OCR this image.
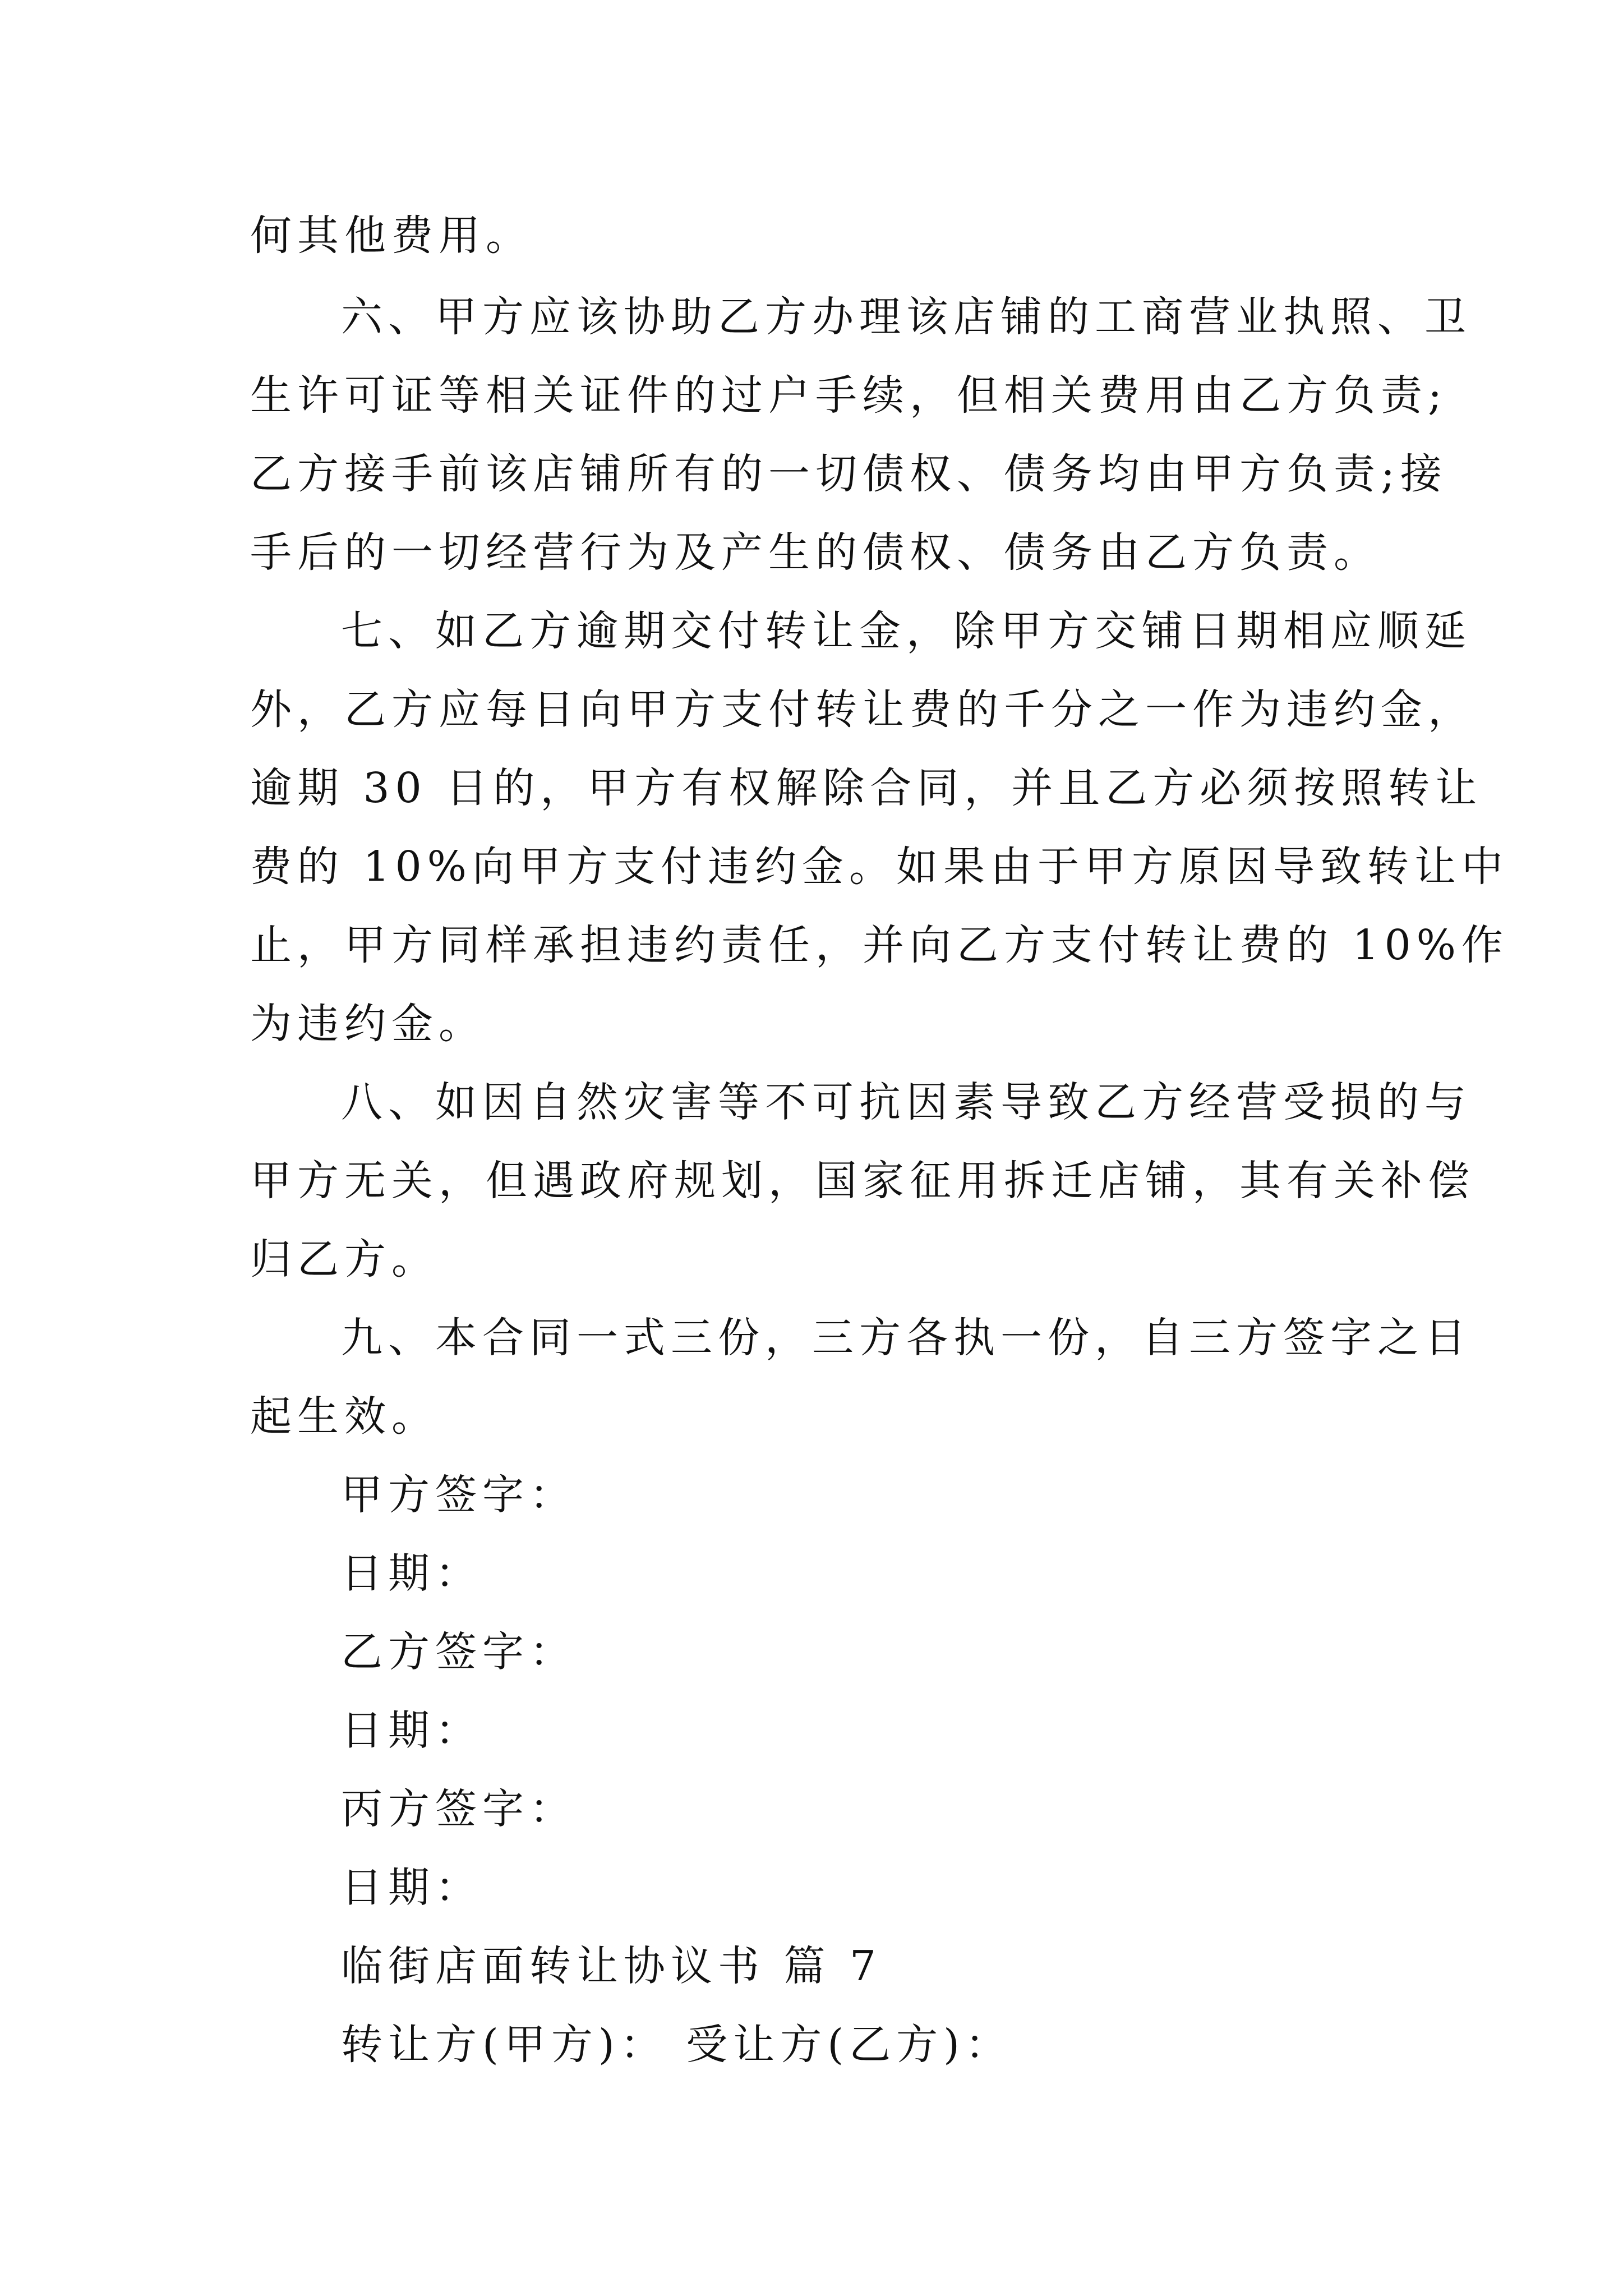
何其他费用。
六、甲方应该协助乙方办理该店铺的工商营业执照、卫
生许可证等相关证件的过户手续，但相关费用由乙方负责;
乙方接手前该店铺所有的一切债权、债务均由甲方负责;接
手后的一切经营行为及产生的债权、债务由乙方负责。
七、如乙方逾期交付转让金，除甲方交铺日期相应顺延
外，乙方应每日向甲方支付转让费的千分之一作为违约金，
逾期 30 日的，甲方有权解除合同，并且乙方必须按照转让
费的 10%向甲方支付违约金。如果由于甲方原因导致转让中
止，甲方同样承担违约责任，并向乙方支付转让费的 10%作
为违约金。
八、如因自然灾害等不可抗因素导致乙方经营受损的与
甲方无关，但遇政府规划，国家征用拆迁店铺，其有关补偿
归乙方。
九、本合同一式三份，三方各执一份，自三方签字之日
起生效。
甲方签字：
日期：
乙方签字：
日期：
丙方签字：
日期：
临街店面转让协议书 篇 7
转让方(甲方)： 受让方(乙方)：
